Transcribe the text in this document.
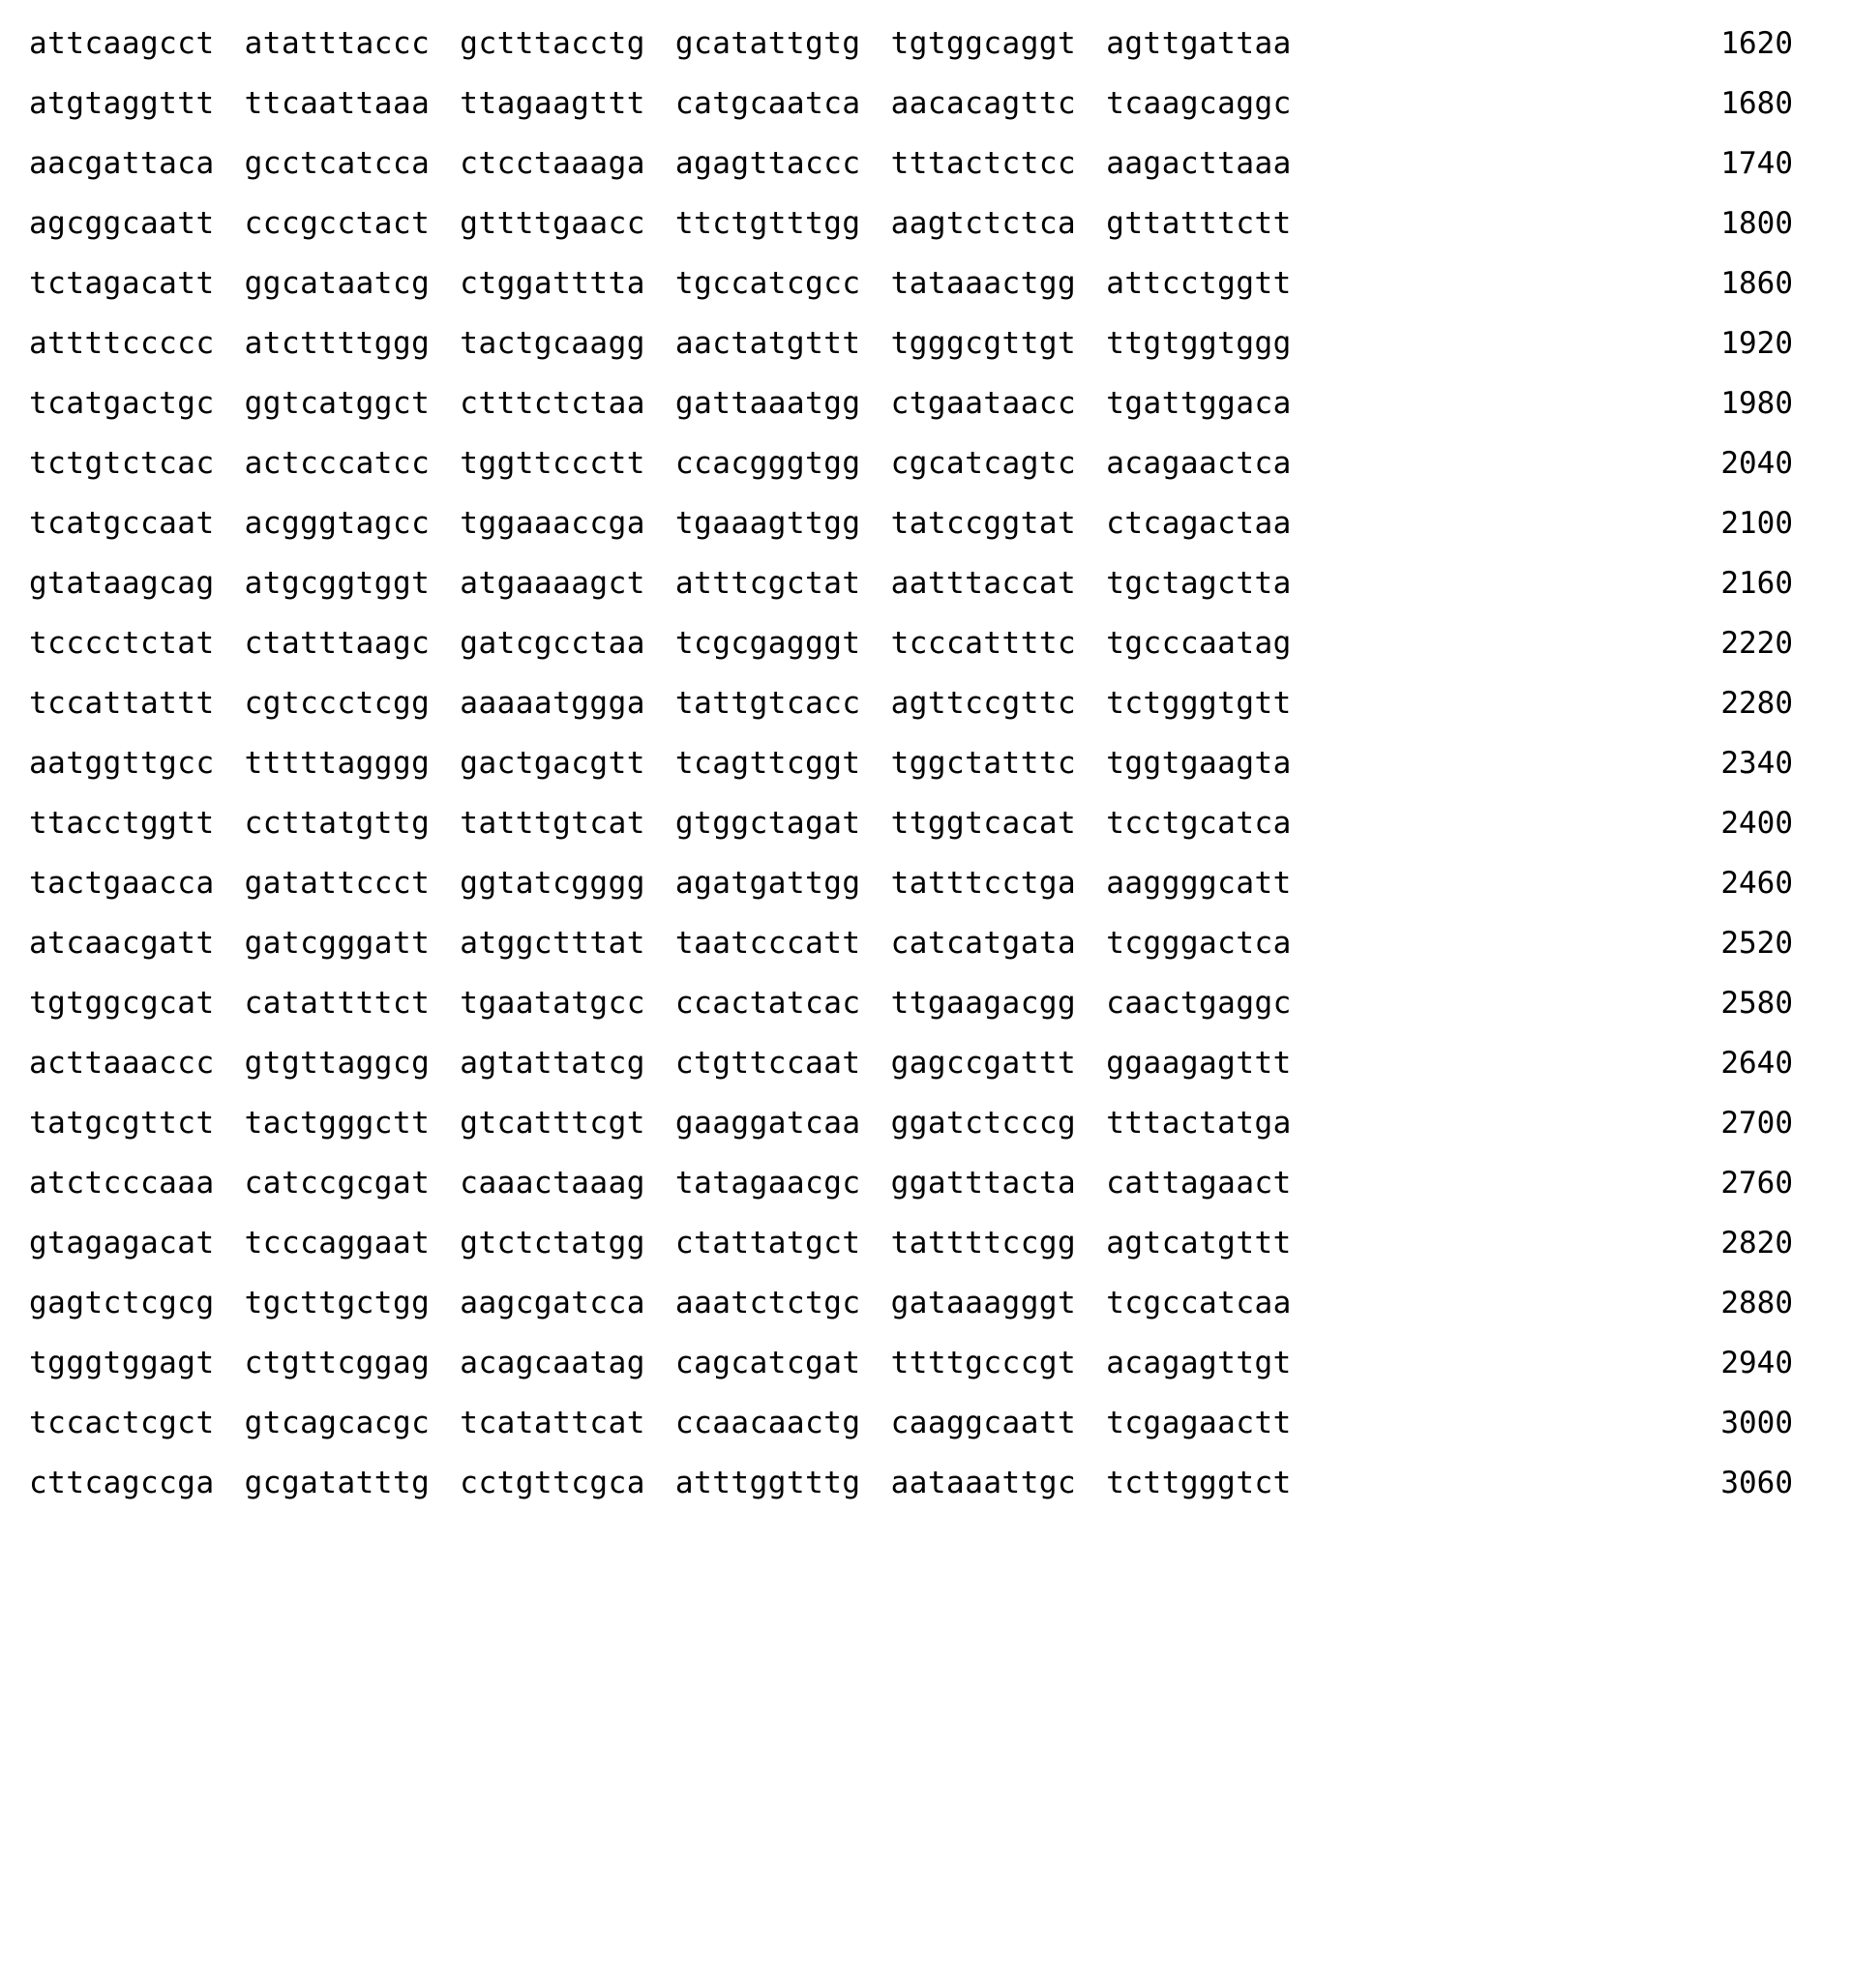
attcaagcct atatttaccc gctttacctg gcatattgtg tgtggcaggt agttgattaa	1620
atgtaggttt ttcaattaaa ttagaagttt catgcaatca aacacagttc tcaagcaggc	1680
aacgattaca gcctcatcca ctcctaaaga agagttaccc tttactctcc aagacttaaa	1740
agcggcaatt cccgcctact gttttgaacc ttctgtttgg aagtctctca gttatttctt	1800
tctagacatt ggcataatcg ctggatttta tgccatcgcc tataaactgg attcctggtt	1860
attttccccc atcttttggg tactgcaagg aactatgttt tgggcgttgt ttgtggtggg	1920
tcatgactgc ggtcatggct ctttctctaa gattaaatgg ctgaataacc tgattggaca	1980
tctgtctcac actcccatcc tggttccctt ccacgggtgg cgcatcagtc acagaactca	2040
tcatgccaat acgggtagcc tggaaaccga tgaaagttgg tatccggtat ctcagactaa	2100
gtataagcag atgcggtggt atgaaaagct atttcgctat aatttaccat tgctagctta	2160
tcccctctat ctatttaagc gatcgcctaa tcgcgagggt tcccattttc tgcccaatag	2220
tccattattt cgtccctcgg aaaaatggga tattgtcacc agttccgttc tctgggtgtt	2280
aatggttgcc tttttagggg gactgacgtt tcagttcggt tggctatttc tggtgaagta	2340
ttacctggtt ccttatgttg tatttgtcat gtggctagat ttggtcacat tcctgcatca	2400
tactgaacca gatattccct ggtatcgggg agatgattgg tatttcctga aaggggcatt	2460
atcaacgatt gatcgggatt atggctttat taatcccatt catcatgata tcgggactca	2520
tgtggcgcat catattttct tgaatatgcc ccactatcac ttgaagacgg caactgaggc	2580
acttaaaccc gtgttaggcg agtattatcg ctgttccaat gagccgattt ggaagagttt	2640
tatgcgttct tactgggctt gtcatttcgt gaaggatcaa ggatctcccg tttactatga	2700
atctcccaaa catccgcgat caaactaaag tatagaacgc ggatttacta cattagaact	2760
gtagagacat tcccaggaat gtctctatgg ctattatgct tattttccgg agtcatgttt	2820
gagtctcgcg tgcttgctgg aagcgatcca aaatctctgc gataaagggt tcgccatcaa	2880
tgggtggagt ctgttcggag acagcaatag cagcatcgat ttttgcccgt acagagttgt	2940
tccactcgct gtcagcacgc tcatattcat ccaacaactg caaggcaatt tcgagaactt	3000
cttcagccga gcgatatttg cctgttcgca atttggtttg aataaattgc tcttgggtct	3060
